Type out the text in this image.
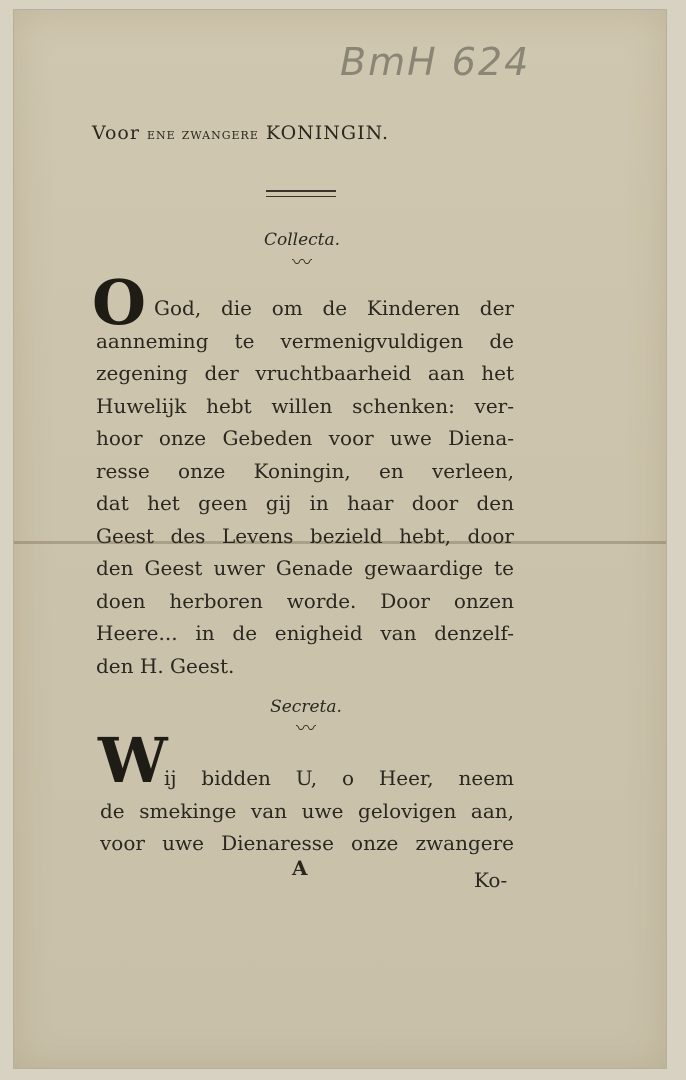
BmH 624
Voor ene zwangere KONINGIN.
Collecta.
〰
O God, die om de Kinderen der
aanneming te vermenigvuldigen de
zegening der vruchtbaarheid aan het
Huwelijk hebt willen schenken: ver-
hoor onze Gebeden voor uwe Diena-
resse onze Koningin, en verleen,
dat het geen gij in haar door den
Geest des Levens bezield hebt, door
den Geest uwer Genade gewaardige te
doen herboren worde. Door onzen
Heere... in de enigheid van denzelf-
den H. Geest.
Secreta.
〰
W
ij bidden U, o Heer, neem
de smekinge van uwe gelovigen aan,
voor uwe Dienaresse onze zwangere
A	Ko-
